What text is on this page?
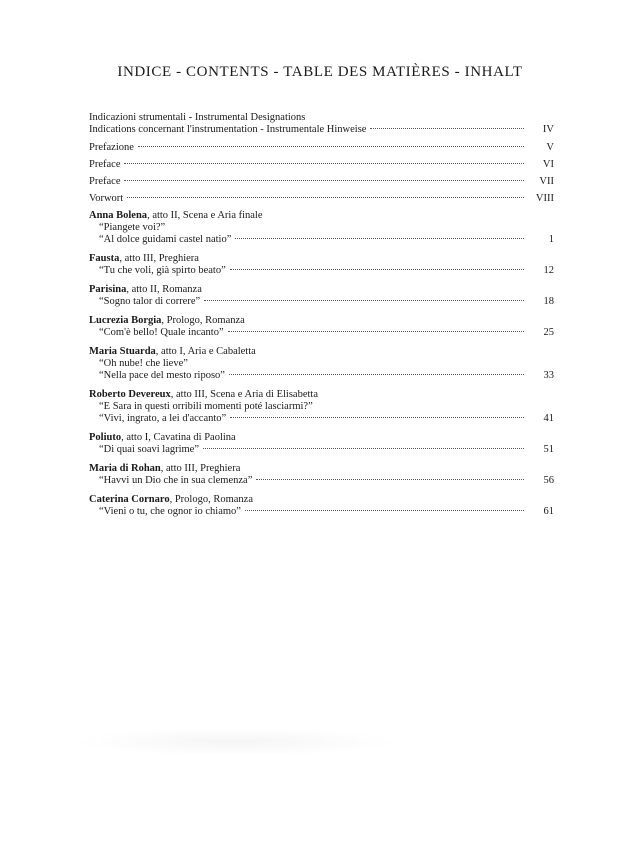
INDICE - CONTENTS - TABLE DES MATIÈRES - INHALT
Indicazioni strumentali - Instrumental Designations
Indications concernant l'instrumentation - Instrumentale Hinweise	IV
Prefazione	V
Preface	VI
Preface	VII
Vorwort	VIII
Anna Bolena, atto II, Scena e Aria finale
“Piangete voi?”
“Al dolce guidami castel natio”	1
Fausta, atto III, Preghiera
“Tu che voli, già spirto beato”	12
Parisina, atto II, Romanza
“Sogno talor di correre”	18
Lucrezia Borgia, Prologo, Romanza
“Com'è bello! Quale incanto”	25
Maria Stuarda, atto I, Aria e Cabaletta
“Oh nube! che lieve”
“Nella pace del mesto riposo”	33
Roberto Devereux, atto III, Scena e Aria di Elisabetta
“E Sara in questi orribili momenti poté lasciarmi?”
“Vivi, ingrato, a lei d'accanto”	41
Poliuto, atto I, Cavatina di Paolina
“Di quai soavi lagrime”	51
Maria di Rohan, atto III, Preghiera
“Havvi un Dio che in sua clemenza”	56
Caterina Cornaro, Prologo, Romanza
“Vieni o tu, che ognor io chiamo”	61
